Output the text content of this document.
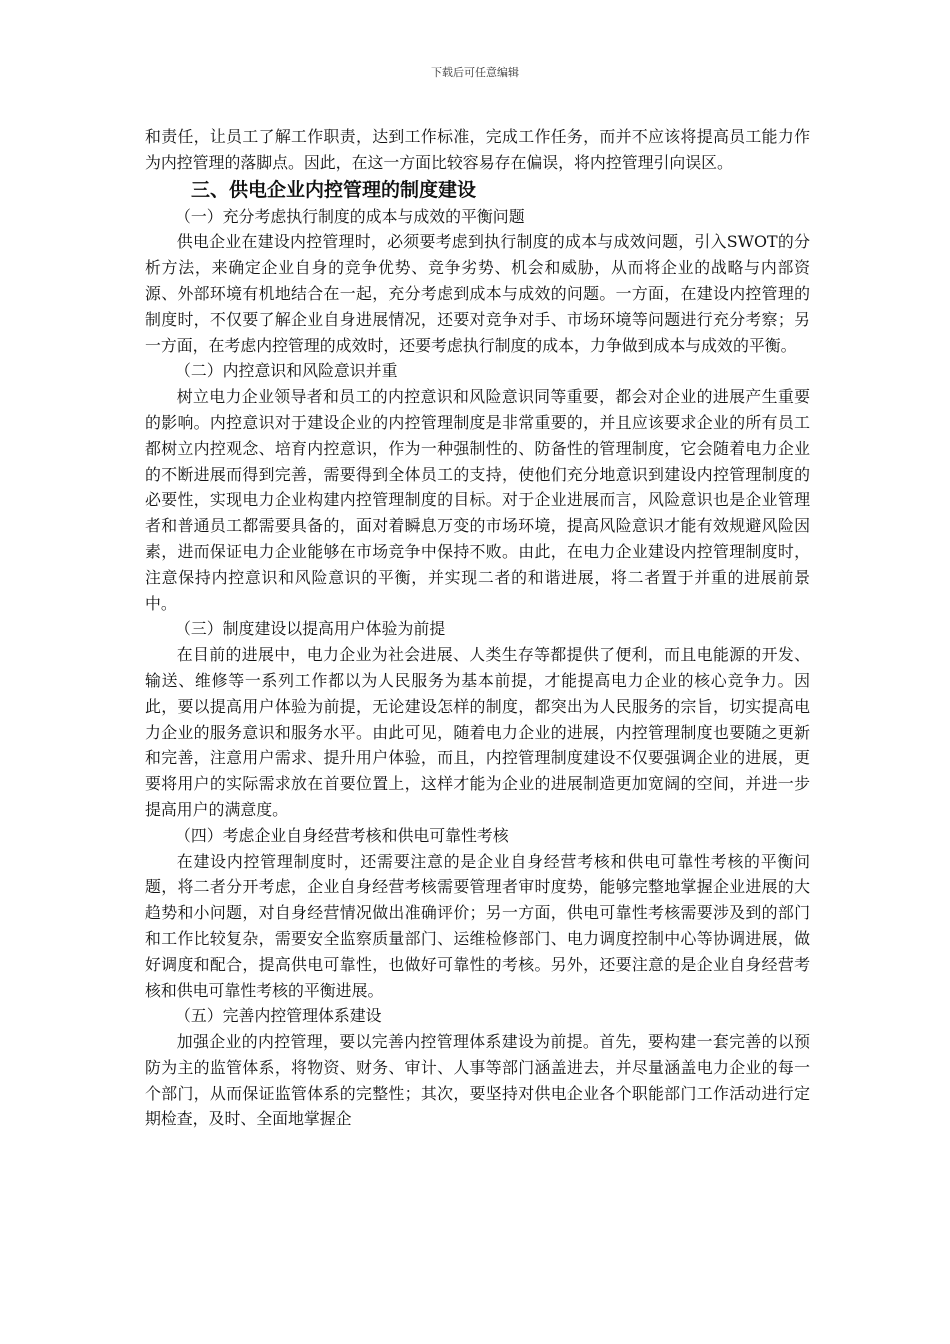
下载后可任意编辑

和责任，让员工了解工作职责，达到工作标准，完成工作任务，而并不应该将提高员工能力作为内控管理的落脚点。因此，在这一方面比较容易存在偏误，将内控管理引向误区。

三、供电企业内控管理的制度建设

（一）充分考虑执行制度的成本与成效的平衡问题

供电企业在建设内控管理时，必须要考虑到执行制度的成本与成效问题，引入SWOT的分析方法，来确定企业自身的竞争优势、竞争劣势、机会和威胁，从而将企业的战略与内部资源、外部环境有机地结合在一起，充分考虑到成本与成效的问题。一方面，在建设内控管理的制度时，不仅要了解企业自身进展情况，还要对竞争对手、市场环境等问题进行充分考察；另一方面，在考虑内控管理的成效时，还要考虑执行制度的成本，力争做到成本与成效的平衡。

（二）内控意识和风险意识并重

树立电力企业领导者和员工的内控意识和风险意识同等重要，都会对企业的进展产生重要的影响。内控意识对于建设企业的内控管理制度是非常重要的，并且应该要求企业的所有员工都树立内控观念、培育内控意识，作为一种强制性的、防备性的管理制度，它会随着电力企业的不断进展而得到完善，需要得到全体员工的支持，使他们充分地意识到建设内控管理制度的必要性，实现电力企业构建内控管理制度的目标。对于企业进展而言，风险意识也是企业管理者和普通员工都需要具备的，面对着瞬息万变的市场环境，提高风险意识才能有效规避风险因素，进而保证电力企业能够在市场竞争中保持不败。由此，在电力企业建设内控管理制度时，注意保持内控意识和风险意识的平衡，并实现二者的和谐进展，将二者置于并重的进展前景中。

（三）制度建设以提高用户体验为前提

在目前的进展中，电力企业为社会进展、人类生存等都提供了便利，而且电能源的开发、输送、维修等一系列工作都以为人民服务为基本前提，才能提高电力企业的核心竞争力。因此，要以提高用户体验为前提，无论建设怎样的制度，都突出为人民服务的宗旨，切实提高电力企业的服务意识和服务水平。由此可见，随着电力企业的进展，内控管理制度也要随之更新和完善，注意用户需求、提升用户体验，而且，内控管理制度建设不仅要强调企业的进展，更要将用户的实际需求放在首要位置上，这样才能为企业的进展制造更加宽阔的空间，并进一步提高用户的满意度。

（四）考虑企业自身经营考核和供电可靠性考核

在建设内控管理制度时，还需要注意的是企业自身经营考核和供电可靠性考核的平衡问题，将二者分开考虑，企业自身经营考核需要管理者审时度势，能够完整地掌握企业进展的大趋势和小问题，对自身经营情况做出准确评价；另一方面，供电可靠性考核需要涉及到的部门和工作比较复杂，需要安全监察质量部门、运维检修部门、电力调度控制中心等协调进展，做好调度和配合，提高供电可靠性，也做好可靠性的考核。另外，还要注意的是企业自身经营考核和供电可靠性考核的平衡进展。

（五）完善内控管理体系建设

加强企业的内控管理，要以完善内控管理体系建设为前提。首先，要构建一套完善的以预防为主的监管体系，将物资、财务、审计、人事等部门涵盖进去，并尽量涵盖电力企业的每一个部门，从而保证监管体系的完整性；其次，要坚持对供电企业各个职能部门工作活动进行定期检查，及时、全面地掌握企
